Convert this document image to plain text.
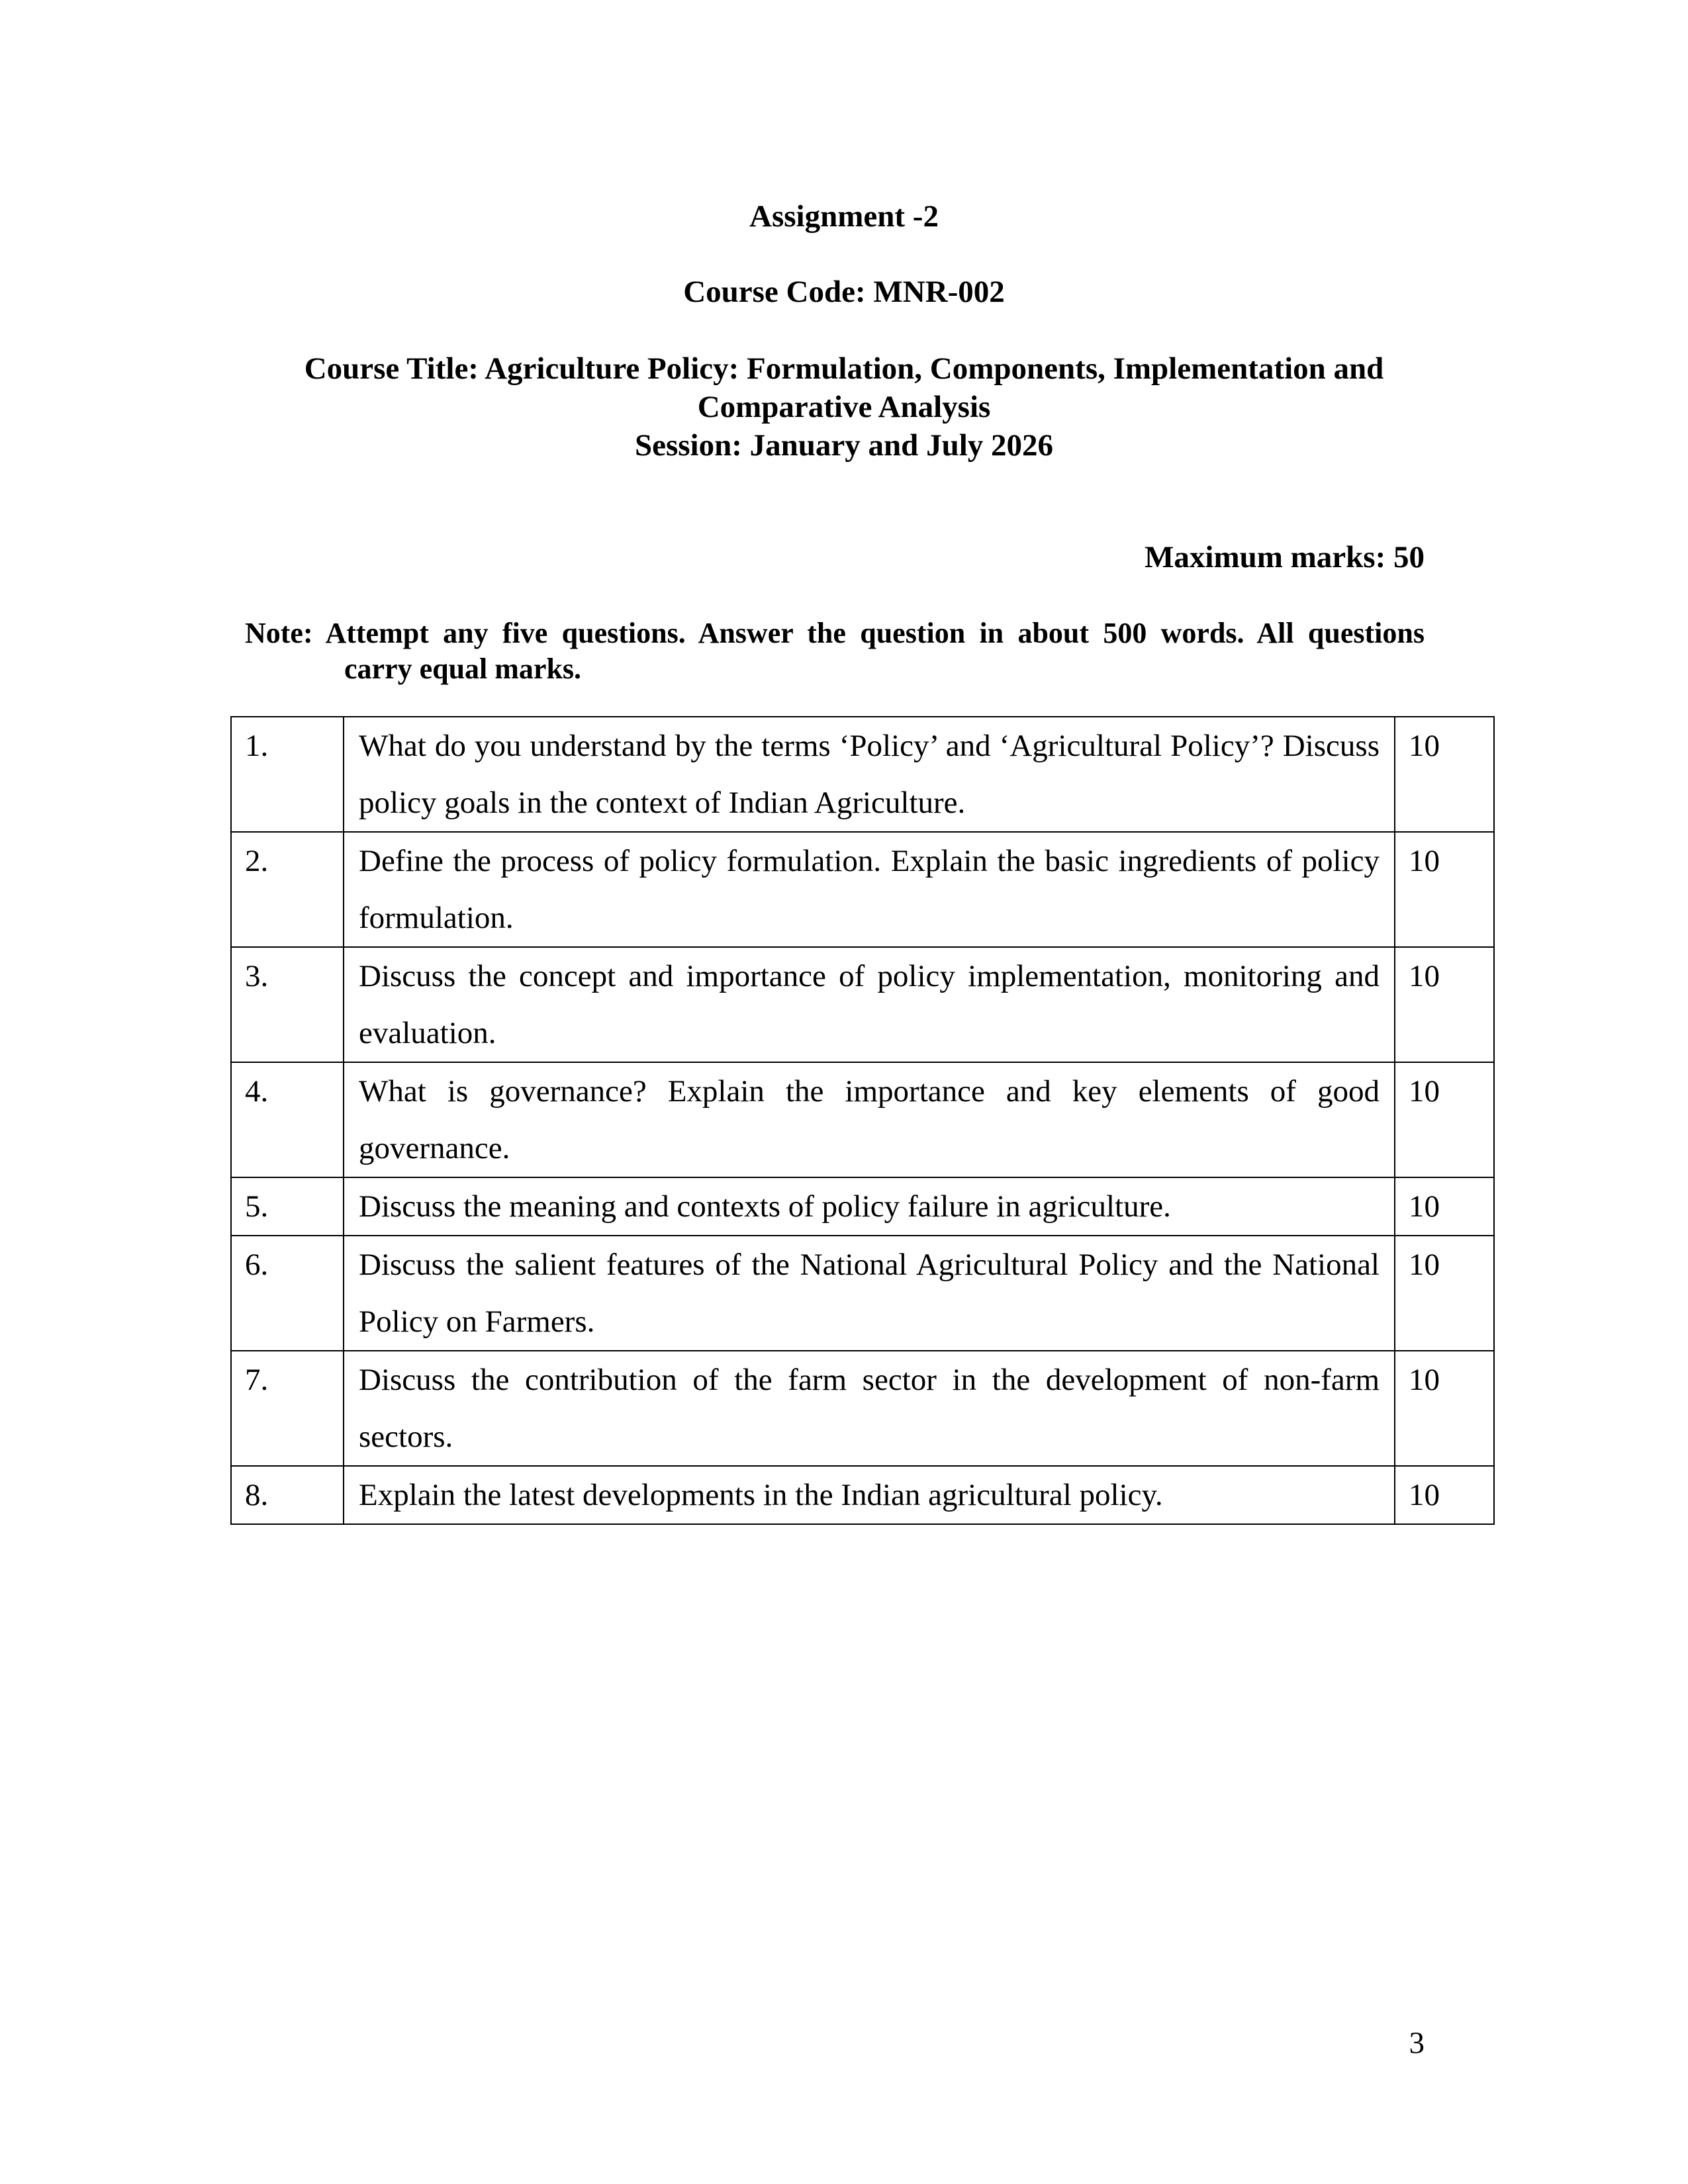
Assignment -2
Course Code: MNR-002
Course Title: Agriculture Policy: Formulation, Components, Implementation and
Comparative Analysis
Session: January and July 2026
Maximum marks: 50
Note: Attempt any five questions. Answer the question in about 500 words. All questions
carry equal marks.
1.	What do you understand by the terms ‘Policy’ and ‘Agricultural Policy’? Discuss policy goals in the context of Indian Agriculture.	10
2.	Define the process of policy formulation. Explain the basic ingredients of policy formulation.	10
3.	Discuss the concept and importance of policy implementation, monitoring and evaluation.	10
4.	What is governance? Explain the importance and key elements of good governance.	10
5.	Discuss the meaning and contexts of policy failure in agriculture.	10
6.	Discuss the salient features of the National Agricultural Policy and the National Policy on Farmers.	10
7.	Discuss the contribution of the farm sector in the development of non-farm sectors.	10
8.	Explain the latest developments in the Indian agricultural policy.	10
3
